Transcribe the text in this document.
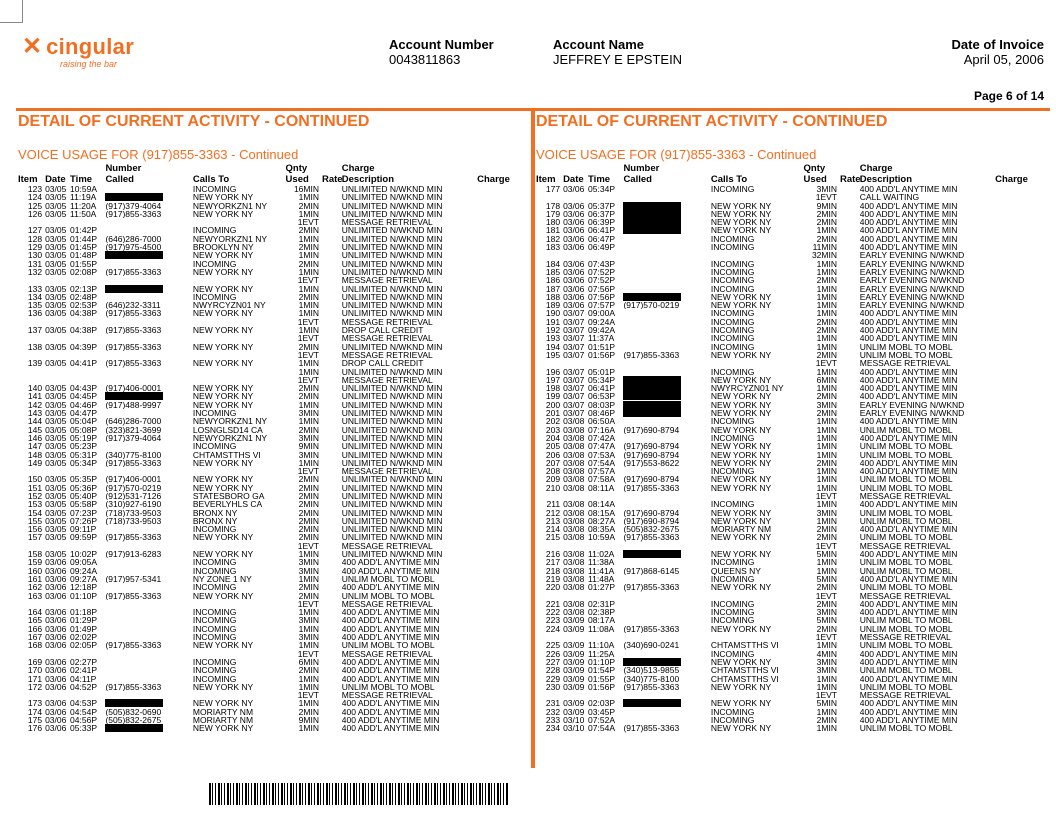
✕ cingular
raising the bar
Account Number
0043811863
Account Name
JEFFREY E EPSTEIN
Date of Invoice
April 05, 2006
Page 6 of 14
DETAIL OF CURRENT ACTIVITY - CONTINUED
VOICE USAGE FOR (917)855-3363 - Continued
			Number		Qnty		Charge	
Item	Date	Time	Called	Calls To	Used	Rate	Description	Charge
123	03/05	10:59A		INCOMING	16MIN		UNLIMITED N/WKND MIN	
124	03/05	11:19A		NEW YORK NY	1MIN		UNLIMITED N/WKND MIN	
125	03/05	11:20A	(917)379-4064	NEWYORKZN1 NY	2MIN		UNLIMITED N/WKND MIN	
126	03/05	11:50A	(917)855-3363	NEW YORK NY	1MIN		UNLIMITED N/WKND MIN	
					1EVT		MESSAGE RETRIEVAL	
127	03/05	01:42P		INCOMING	2MIN		UNLIMITED N/WKND MIN	
128	03/05	01:44P	(646)286-7000	NEWYORKZN1 NY	1MIN		UNLIMITED N/WKND MIN	
129	03/05	01:45P	(917)975-4500	BROOKLYN NY	2MIN		UNLIMITED N/WKND MIN	
130	03/05	01:48P		NEW YORK NY	1MIN		UNLIMITED N/WKND MIN	
131	03/05	01:55P		INCOMING	2MIN		UNLIMITED N/WKND MIN	
132	03/05	02:08P	(917)855-3363	NEW YORK NY	1MIN		UNLIMITED N/WKND MIN	
					1EVT		MESSAGE RETRIEVAL	
133	03/05	02:13P		NEW YORK NY	1MIN		UNLIMITED N/WKND MIN	
134	03/05	02:48P		INCOMING	2MIN		UNLIMITED N/WKND MIN	
135	03/05	02:53P	(646)232-3311	NWYRCYZN01 NY	1MIN		UNLIMITED N/WKND MIN	
136	03/05	04:38P	(917)855-3363	NEW YORK NY	1MIN		UNLIMITED N/WKND MIN	
					1EVT		MESSAGE RETRIEVAL	
137	03/05	04:38P	(917)855-3363	NEW YORK NY	1MIN		DROP CALL CREDIT	
					1EVT		MESSAGE RETRIEVAL	
138	03/05	04:39P	(917)855-3363	NEW YORK NY	2MIN		UNLIMITED N/WKND MIN	
					1EVT		MESSAGE RETRIEVAL	
139	03/05	04:41P	(917)855-3363	NEW YORK NY	1MIN		DROP CALL CREDIT	
					1MIN		UNLIMITED N/WKND MIN	
					1EVT		MESSAGE RETRIEVAL	
140	03/05	04:43P	(917)406-0001	NEW YORK NY	2MIN		UNLIMITED N/WKND MIN	
141	03/05	04:45P		NEW YORK NY	2MIN		UNLIMITED N/WKND MIN	
142	03/05	04:46P	(917)488-9997	NEW YORK NY	1MIN		UNLIMITED N/WKND MIN	
143	03/05	04:47P		INCOMING	3MIN		UNLIMITED N/WKND MIN	
144	03/05	05:04P	(646)286-7000	NEWYORKZN1 NY	1MIN		UNLIMITED N/WKND MIN	
145	03/05	05:08P	(323)821-3699	LOSNGLSD14 CA	2MIN		UNLIMITED N/WKND MIN	
146	03/05	05:19P	(917)379-4064	NEWYORKZN1 NY	3MIN		UNLIMITED N/WKND MIN	
147	03/05	05:23P		INCOMING	9MIN		UNLIMITED N/WKND MIN	
148	03/05	05:31P	(340)775-8100	CHTAMSTTHS VI	3MIN		UNLIMITED N/WKND MIN	
149	03/05	05:34P	(917)855-3363	NEW YORK NY	1MIN		UNLIMITED N/WKND MIN	
					1EVT		MESSAGE RETRIEVAL	
150	03/05	05:35P	(917)406-0001	NEW YORK NY	2MIN		UNLIMITED N/WKND MIN	
151	03/05	05:36P	(917)570-0219	NEW YORK NY	2MIN		UNLIMITED N/WKND MIN	
152	03/05	05:40P	(912)531-7126	STATESBORO GA	2MIN		UNLIMITED N/WKND MIN	
153	03/05	05:58P	(310)927-6190	BEVERLYHLS CA	2MIN		UNLIMITED N/WKND MIN	
154	03/05	07:23P	(718)733-9503	BRONX NY	2MIN		UNLIMITED N/WKND MIN	
155	03/05	07:26P	(718)733-9503	BRONX NY	2MIN		UNLIMITED N/WKND MIN	
156	03/05	09:11P		INCOMING	2MIN		UNLIMITED N/WKND MIN	
157	03/05	09:59P	(917)855-3363	NEW YORK NY	2MIN		UNLIMITED N/WKND MIN	
					1EVT		MESSAGE RETRIEVAL	
158	03/05	10:02P	(917)913-6283	NEW YORK NY	1MIN		UNLIMITED N/WKND MIN	
159	03/06	09:05A		INCOMING	3MIN		400 ADD'L ANYTIME MIN	
160	03/06	09:24A		INCOMING	3MIN		400 ADD'L ANYTIME MIN	
161	03/06	09:27A	(917)957-5341	NY ZONE 1 NY	1MIN		UNLIM MOBL TO MOBL	
162	03/06	12:18P		INCOMING	2MIN		400 ADD'L ANYTIME MIN	
163	03/06	01:10P	(917)855-3363	NEW YORK NY	2MIN		UNLIM MOBL TO MOBL	
					1EVT		MESSAGE RETRIEVAL	
164	03/06	01:18P		INCOMING	1MIN		400 ADD'L ANYTIME MIN	
165	03/06	01:29P		INCOMING	3MIN		400 ADD'L ANYTIME MIN	
166	03/06	01:49P		INCOMING	1MIN		400 ADD'L ANYTIME MIN	
167	03/06	02:02P		INCOMING	3MIN		400 ADD'L ANYTIME MIN	
168	03/06	02:05P	(917)855-3363	NEW YORK NY	1MIN		UNLIM MOBL TO MOBL	
					1EVT		MESSAGE RETRIEVAL	
169	03/06	02:27P		INCOMING	6MIN		400 ADD'L ANYTIME MIN	
170	03/06	02:41P		INCOMING	2MIN		400 ADD'L ANYTIME MIN	
171	03/06	04:11P		INCOMING	1MIN		400 ADD'L ANYTIME MIN	
172	03/06	04:52P	(917)855-3363	NEW YORK NY	1MIN		UNLIM MOBL TO MOBL	
					1EVT		MESSAGE RETRIEVAL	
173	03/06	04:53P		NEW YORK NY	1MIN		400 ADD'L ANYTIME MIN	
174	03/06	04:54P	(505)832-0690	MORIARTY NM	2MIN		400 ADD'L ANYTIME MIN	
175	03/06	04:56P	(505)832-2675	MORIARTY NM	9MIN		400 ADD'L ANYTIME MIN	
176	03/06	05:33P		NEW YORK NY	1MIN		400 ADD'L ANYTIME MIN	
DETAIL OF CURRENT ACTIVITY - CONTINUED
VOICE USAGE FOR (917)855-3363 - Continued
			Number		Qnty		Charge	
Item	Date	Time	Called	Calls To	Used	Rate	Description	Charge
177	03/06	05:34P		INCOMING	3MIN		400 ADD'L ANYTIME MIN	
					1EVT		CALL WAITING	
178	03/06	05:37P		NEW YORK NY	9MIN		400 ADD'L ANYTIME MIN	
179	03/06	06:37P		NEW YORK NY	2MIN		400 ADD'L ANYTIME MIN	
180	03/06	06:39P		NEW YORK NY	2MIN		400 ADD'L ANYTIME MIN	
181	03/06	06:41P		NEW YORK NY	1MIN		400 ADD'L ANYTIME MIN	
182	03/06	06:47P		INCOMING	2MIN		400 ADD'L ANYTIME MIN	
183	03/06	06:49P		INCOMING	11MIN		400 ADD'L ANYTIME MIN	
					32MIN		EARLY EVENING N/WKND	
184	03/06	07:43P		INCOMING	1MIN		EARLY EVENING N/WKND	
185	03/06	07:52P		INCOMING	1MIN		EARLY EVENING N/WKND	
186	03/06	07:52P		INCOMING	2MIN		EARLY EVENING N/WKND	
187	03/06	07:56P		INCOMING	1MIN		EARLY EVENING N/WKND	
188	03/06	07:56P		NEW YORK NY	1MIN		EARLY EVENING N/WKND	
189	03/06	07:57P	(917)570-0219	NEW YORK NY	1MIN		EARLY EVENING N/WKND	
190	03/07	09:00A		INCOMING	1MIN		400 ADD'L ANYTIME MIN	
191	03/07	09:24A		INCOMING	2MIN		400 ADD'L ANYTIME MIN	
192	03/07	09:42A		INCOMING	2MIN		400 ADD'L ANYTIME MIN	
193	03/07	11:37A		INCOMING	1MIN		400 ADD'L ANYTIME MIN	
194	03/07	01:51P		INCOMING	1MIN		UNLIM MOBL TO MOBL	
195	03/07	01:56P	(917)855-3363	NEW YORK NY	2MIN		UNLIM MOBL TO MOBL	
					1EVT		MESSAGE RETRIEVAL	
196	03/07	05:01P		INCOMING	1MIN		400 ADD'L ANYTIME MIN	
197	03/07	05:34P		NEW YORK NY	6MIN		400 ADD'L ANYTIME MIN	
198	03/07	06:41P		NWYRCYZN01 NY	1MIN		400 ADD'L ANYTIME MIN	
199	03/07	06:53P		NEW YORK NY	2MIN		400 ADD'L ANYTIME MIN	
200	03/07	08:03P		NEW YORK NY	3MIN		EARLY EVENING N/WKND	
201	03/07	08:46P		NEW YORK NY	2MIN		EARLY EVENING N/WKND	
202	03/08	06:50A		INCOMING	1MIN		400 ADD'L ANYTIME MIN	
203	03/08	07:16A	(917)690-8794	NEW YORK NY	1MIN		UNLIM MOBL TO MOBL	
204	03/08	07:42A		INCOMING	1MIN		400 ADD'L ANYTIME MIN	
205	03/08	07:47A	(917)690-8794	NEW YORK NY	1MIN		UNLIM MOBL TO MOBL	
206	03/08	07:53A	(917)690-8794	NEW YORK NY	1MIN		UNLIM MOBL TO MOBL	
207	03/08	07:54A	(917)553-8622	NEW YORK NY	2MIN		400 ADD'L ANYTIME MIN	
208	03/08	07:57A		INCOMING	1MIN		400 ADD'L ANYTIME MIN	
209	03/08	07:58A	(917)690-8794	NEW YORK NY	1MIN		UNLIM MOBL TO MOBL	
210	03/08	08:11A	(917)855-3363	NEW YORK NY	1MIN		UNLIM MOBL TO MOBL	
					1EVT		MESSAGE RETRIEVAL	
211	03/08	08:14A		INCOMING	1MIN		400 ADD'L ANYTIME MIN	
212	03/08	08:15A	(917)690-8794	NEW YORK NY	3MIN		UNLIM MOBL TO MOBL	
213	03/08	08:27A	(917)690-8794	NEW YORK NY	1MIN		UNLIM MOBL TO MOBL	
214	03/08	08:35A	(505)832-2675	MORIARTY NM	2MIN		400 ADD'L ANYTIME MIN	
215	03/08	10:59A	(917)855-3363	NEW YORK NY	2MIN		UNLIM MOBL TO MOBL	
					1EVT		MESSAGE RETRIEVAL	
216	03/08	11:02A		NEW YORK NY	5MIN		400 ADD'L ANYTIME MIN	
217	03/08	11:38A		INCOMING	1MIN		UNLIM MOBL TO MOBL	
218	03/08	11:41A	(917)868-6145	QUEENS NY	1MIN		UNLIM MOBL TO MOBL	
219	03/08	11:48A		INCOMING	5MIN		400 ADD'L ANYTIME MIN	
220	03/08	01:27P	(917)855-3363	NEW YORK NY	2MIN		UNLIM MOBL TO MOBL	
					1EVT		MESSAGE RETRIEVAL	
221	03/08	02:31P		INCOMING	2MIN		400 ADD'L ANYTIME MIN	
222	03/08	02:38P		INCOMING	3MIN		400 ADD'L ANYTIME MIN	
223	03/09	08:17A		INCOMING	5MIN		UNLIM MOBL TO MOBL	
224	03/09	11:08A	(917)855-3363	NEW YORK NY	2MIN		UNLIM MOBL TO MOBL	
					1EVT		MESSAGE RETRIEVAL	
225	03/09	11:10A	(340)690-0241	CHTAMSTTHS VI	1MIN		UNLIM MOBL TO MOBL	
226	03/09	11:25A		INCOMING	4MIN		400 ADD'L ANYTIME MIN	
227	03/09	01:10P		NEW YORK NY	3MIN		400 ADD'L ANYTIME MIN	
228	03/09	01:54P	(340)513-9855	CHTAMSTTHS VI	3MIN		UNLIM MOBL TO MOBL	
229	03/09	01:55P	(340)775-8100	CHTAMSTTHS VI	1MIN		400 ADD'L ANYTIME MIN	
230	03/09	01:56P	(917)855-3363	NEW YORK NY	1MIN		UNLIM MOBL TO MOBL	
					1EVT		MESSAGE RETRIEVAL	
231	03/09	02:03P		NEW YORK NY	5MIN		400 ADD'L ANYTIME MIN	
232	03/09	03:45P		INCOMING	1MIN		400 ADD'L ANYTIME MIN	
233	03/10	07:52A		INCOMING	2MIN		400 ADD'L ANYTIME MIN	
234	03/10	07:54A	(917)855-3363	NEW YORK NY	1MIN		UNLIM MOBL TO MOBL	
